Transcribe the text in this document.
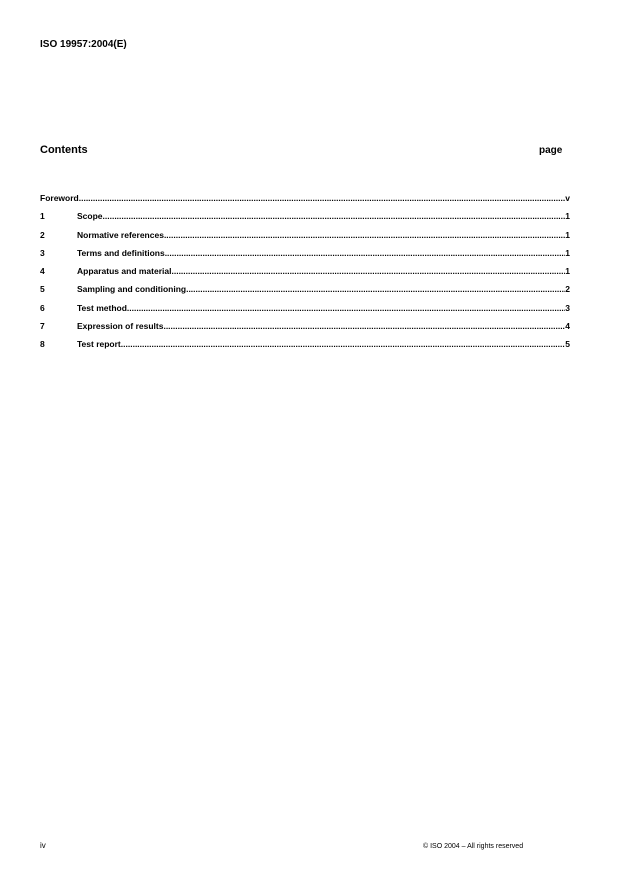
ISO 19957:2004(E)
Contents	page
Foreword .....	v
1	Scope .....	1
2	Normative references .....	1
3	Terms and definitions .....	1
4	Apparatus and material .....	1
5	Sampling and conditioning .....	2
6	Test method .....	3
7	Expression of results .....	4
8	Test report .....	5
iv	© ISO 2004 – All rights reserved
